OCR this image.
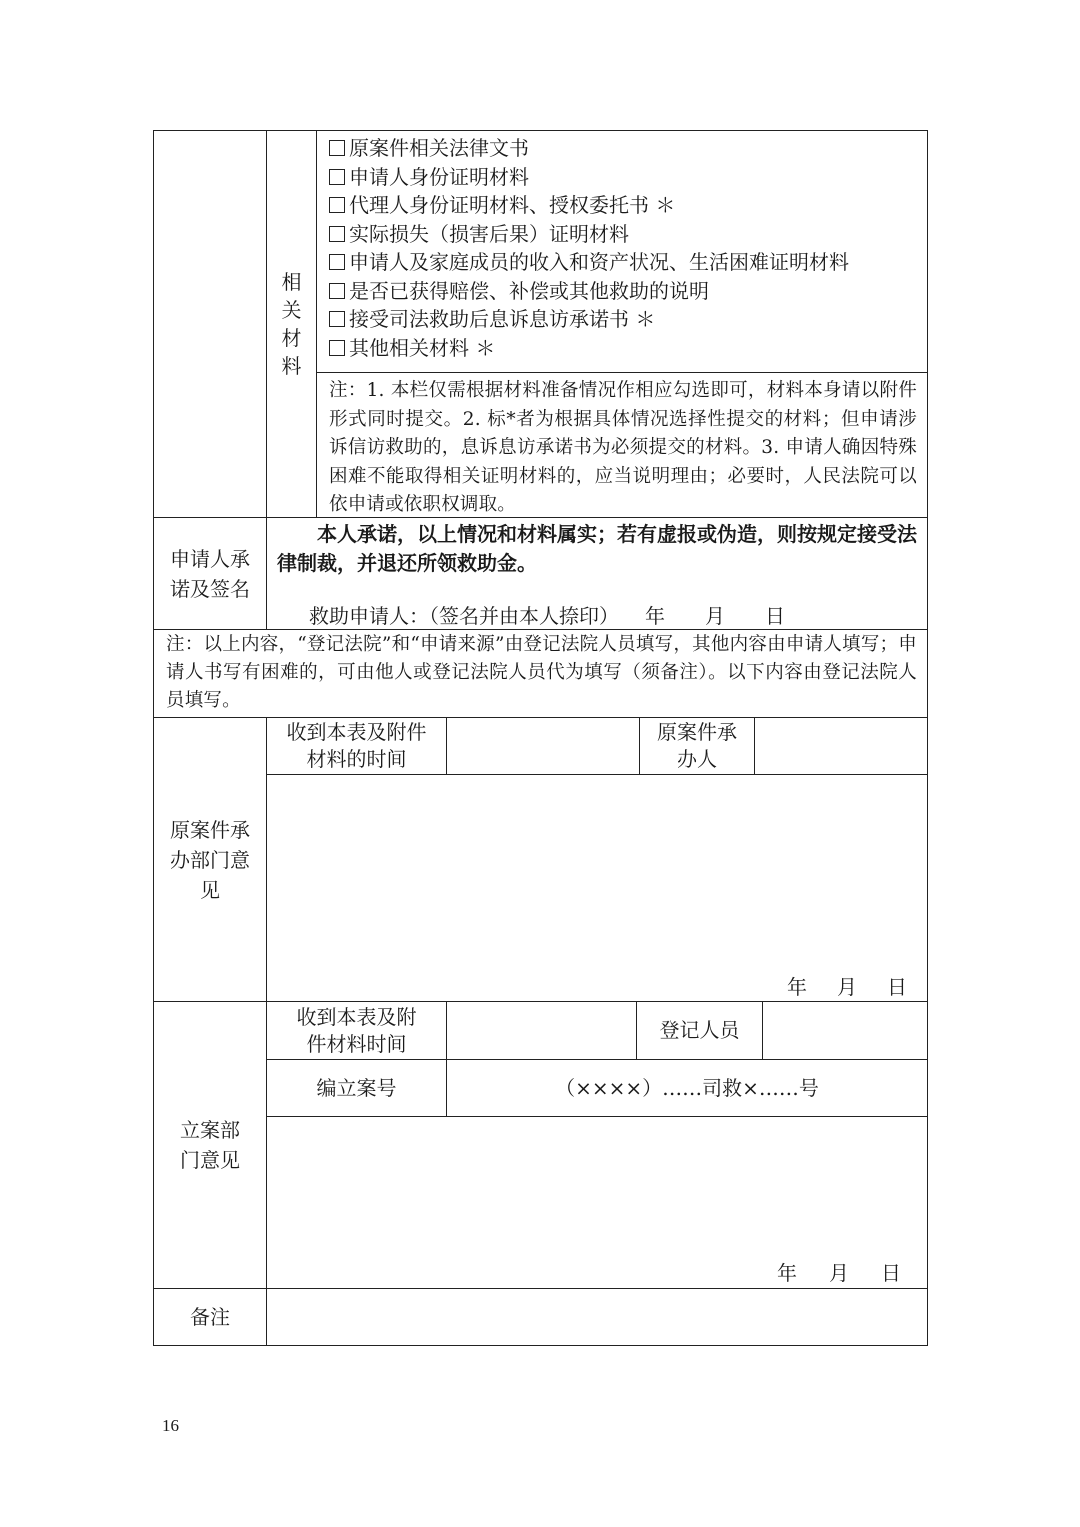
相关材料
原案件相关法律文书
申请人身份证明材料
代理人身份证明材料、授权委托书 ＊
实际损失（损害后果）证明材料
申请人及家庭成员的收入和资产状况、生活困难证明材料
是否已获得赔偿、补偿或其他救助的说明
接受司法救助后息诉息访承诺书 ＊
其他相关材料 ＊
注：1. 本栏仅需根据材料准备情况作相应勾选即可，材料本身请以附件形式同时提交。2. 标*者为根据具体情况选择性提交的材料；但申请涉诉信访救助的，息诉息访承诺书为必须提交的材料。3. 申请人确因特殊困难不能取得相关证明材料的，应当说明理由；必要时，人民法院可以依申请或依职权调取。
申请人承诺及签名
本人承诺，以上情况和材料属实；若有虚报或伪造，则按规定接受法律制裁，并退还所领救助金。
救助申请人：（签名并由本人捺印） 年 月 日
注：以上内容，“登记法院”和“申请来源”由登记法院人员填写，其他内容由申请人填写；申请人书写有困难的，可由他人或登记法院人员代为填写（须备注）。以下内容由登记法院人员填写。
原案件承办部门意见
收到本表及附件材料的时间
原案件承办人
年 月 日
立案部门意见
收到本表及附件材料时间
登记人员
编立案号	（××××）……司救×……号
年 月 日
备注
16
